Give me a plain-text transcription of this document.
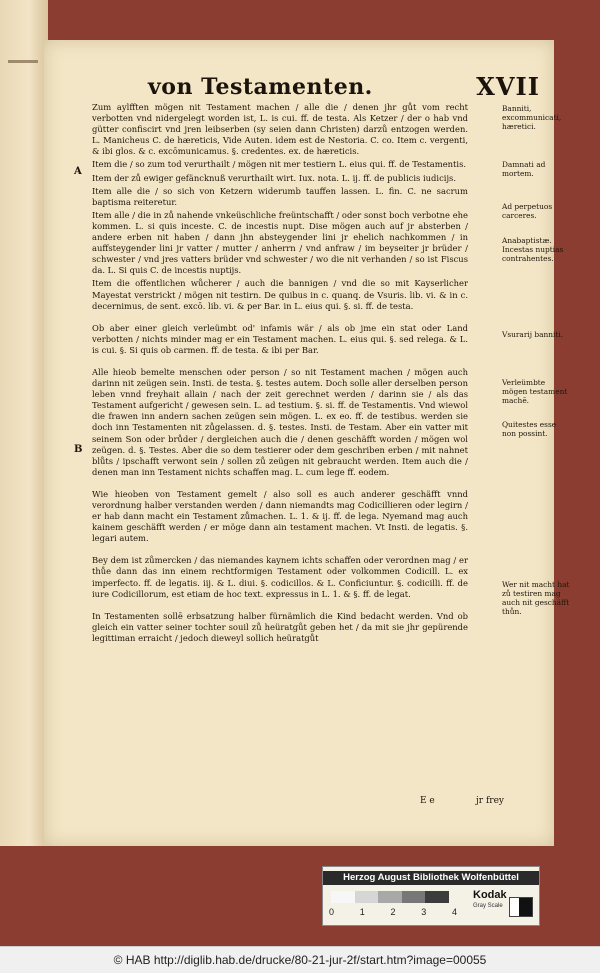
von Testamenten.	XVII
A
B

Zum aylfften mögen nit Testament machen / alle die / denen jhr gůt vom recht verbotten vnd nidergelegt worden ist, L. is cui. ff. de testa. Als Ketzer / der o hab vnd gütter confiscirt vnd jren leibserben (sy seien dann Christen) darzů entzogen werden. L. Manicheus C. de hæreticis, Vide Auten. idem est de Nestoria. C. co. Item c. vergenti, & ibi glos. & c. excōmunicamus. §. credentes. ex. de hæreticis.

Item die / so zum tod verurthailt / mögen nit mer testiern L. eius qui. ff. de Testamentis.

Item der zů ewiger gefäncknuß verurthailt wirt. Iux. nota. L. ij. ff. de publicis iudicijs.

Item alle die / so sich von Ketzern widerumb tauffen lassen. L. fin. C. ne sacrum baptisma reiteretur.

Item alle / die in zů nahende vnkeüschliche freüntschafft / oder sonst boch verbotne ehe kommen. L. si quis inceste. C. de incestis nupt. Dise mögen auch auf jr absterben / andere erben nit haben / dann jhn absteygender lini jr ehelich nachkommen / in auffsteygender lini jr vatter / mutter / anherrn / vnd anfraw / im beyseiter jr brüder / schwester / vnd jres vatters brüder vnd schwester / wo die nit verhanden / so ist Fiscus da. L. Si quis C. de incestis nuptijs.

Item die offentlichen wůcherer / auch die bannigen / vnd die so mit Kayserlicher Mayestat verstrickt / mögen nit testirn. De quibus in c. quanq. de Vsuris. lib. vi. & in c. decernimus, de sent. excō. lib. vi. & per Bar. in L. eius qui. §. si. ff. de testa.

Ob aber einer gleich verleümbt od' infamis wär / als ob jme ein stat oder Land verbotten / nichts minder mag er ein Testament machen. L. eius qui. §. sed relega. & L. is cui. §. Si quis ob carmen. ff. de testa. & ibi per Bar.

Alle hieob bemelte menschen oder person / so nit Testament machen / mögen auch darinn nit zeügen sein. Insti. de testa. §. testes autem. Doch solle aller derselben person leben vnnd freyhait allain / nach der zeit gerechnet werden / darinn sie / als das Testament aufgericht / gewesen sein. L. ad testium. §. si. ff. de Testamentis. Vnd wiewol die frawen inn andern sachen zeügen sein mögen. L. ex eo. ff. de testibus. werden sie doch inn Testamenten nit zůgelassen. d. §. testes. Insti. de Testam. Aber ein vatter mit seinem Son oder brůder / dergleichen auch die / denen geschäfft worden / mögen wol zeügen. d. §. Testes. Aber die so dem testierer oder dem geschriben erben / mit nahnet blůts / ipschafft verwont sein / sollen zů zeügen nit gebraucht werden. Item auch die / denen man inn Testament nichts schaffen mag. L. cum lege ff. eodem.

Wie hieoben von Testament gemelt / also soll es auch anderer geschäfft vnnd verordnung halber verstanden werden / dann niemandts mag Codicillieren oder legirn / er hab dann macht ein Testament zůmachen. L. 1. & ij. ff. de lega. Nyemand mag auch kainem geschäfft werden / er möge dann ain testament machen. Vt Insti. de legatis. §. legari autem.

Bey dem ist zůmercken / das niemandes kaynem ichts schaffen oder verordnen mag / er thůe dann das inn einem rechtformigen Testament oder volkommen Codicill. L. ex imperfecto. ff. de legatis. iij. & L. diui. §. codicillos. & L. Conficiuntur. §. codicilli. ff. de iure Codicillorum, est etiam de hoc text. expressus in L. 1. & §. ff. de legat.

In Testamenten sollē erbsatzung halber fürnämlich die Kind bedacht werden. Vnd ob gleich ein vatter seiner tochter souil zů heüratgůt geben het / da mit sie jhr gepürende legittiman erraicht / jedoch dieweyl sollich heüratgůt

Banniti, excommunicati, hæretici.
Damnati ad mortem.
Ad perpetuos carceres.
Anabaptistæ. Incestas nuptias contrahentes.
Vsurarij banniti.
Verleümbte mögen testament machē.
Quitestes esse non possint.
Wer nit macht hat zů testiren mag auch nit geschäfft thůn.
E e	jr frey
Herzog August Bibliothek Wolfenbüttel
0	1	2	3	4
Kodak
Gray Scale
© HAB http://diglib.hab.de/drucke/80-21-jur-2f/start.htm?image=00055
